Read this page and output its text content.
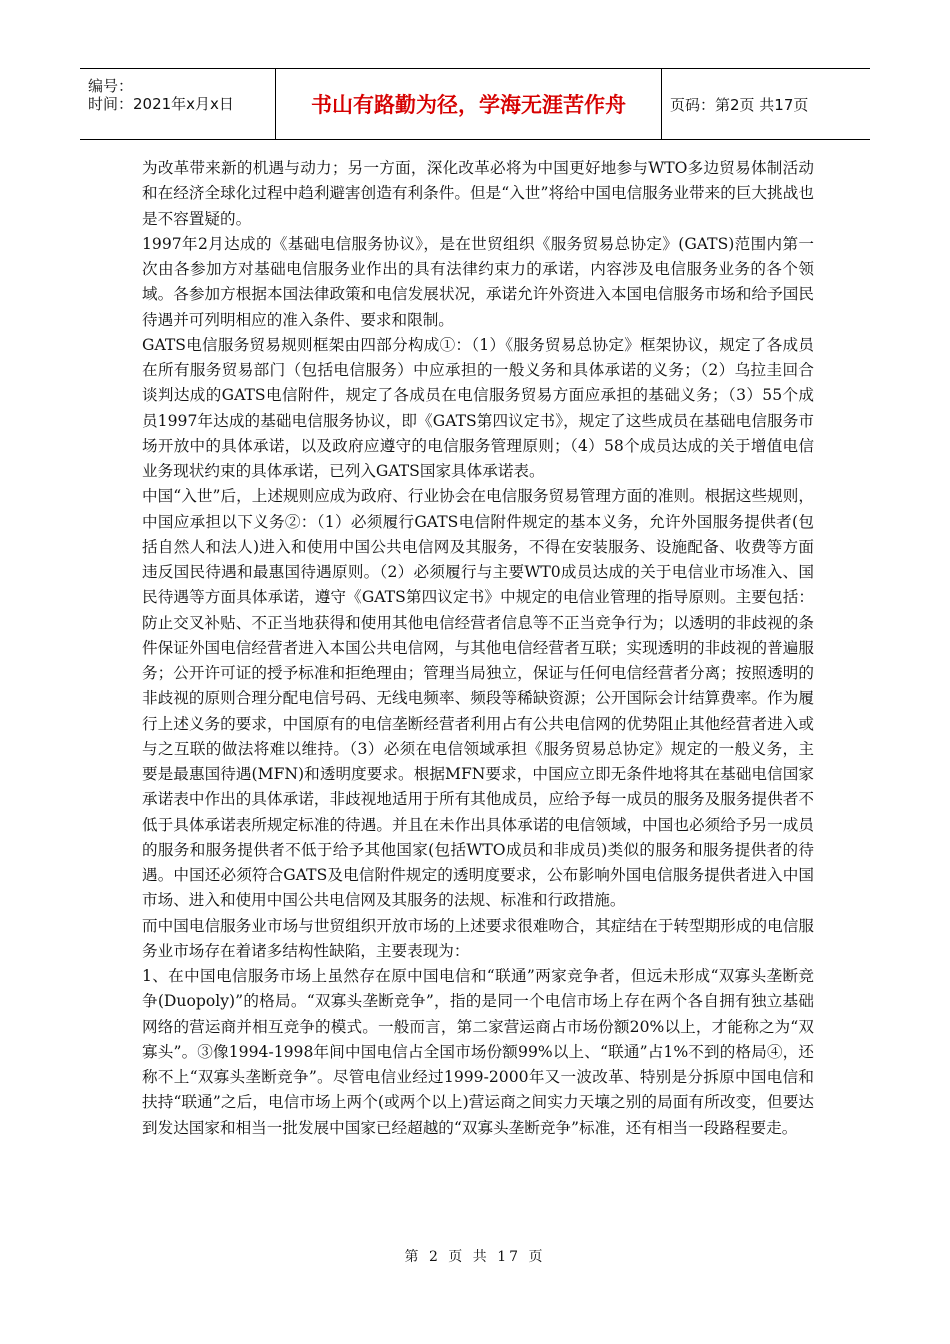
编号：
时间：2021年x月x日	书山有路勤为径，学海无涯苦作舟	页码：第2页 共17页

为改革带来新的机遇与动力；另一方面，深化改革必将为中国更好地参与WTO多边贸易体制活动和在经济全球化过程中趋利避害创造有利条件。但是“入世”将给中国电信服务业带来的巨大挑战也是不容置疑的。

1997年2月达成的《基础电信服务协议》，是在世贸组织《服务贸易总协定》(GATS)范围内第一次由各参加方对基础电信服务业作出的具有法律约束力的承诺，内容涉及电信服务业务的各个领域。各参加方根据本国法律政策和电信发展状况，承诺允许外资进入本国电信服务市场和给予国民待遇并可列明相应的准入条件、要求和限制。

GATS电信服务贸易规则框架由四部分构成①：（1）《服务贸易总协定》框架协议，规定了各成员在所有服务贸易部门（包括电信服务）中应承担的一般义务和具体承诺的义务；（2）乌拉圭回合谈判达成的GATS电信附件，规定了各成员在电信服务贸易方面应承担的基础义务；（3）55个成员1997年达成的基础电信服务协议，即《GATS第四议定书》，规定了这些成员在基础电信服务市场开放中的具体承诺，以及政府应遵守的电信服务管理原则；（4）58个成员达成的关于增值电信业务现状约束的具体承诺，已列入GATS国家具体承诺表。

中国“入世”后，上述规则应成为政府、行业协会在电信服务贸易管理方面的准则。根据这些规则，中国应承担以下义务②：（1）必须履行GATS电信附件规定的基本义务，允许外国服务提供者(包括自然人和法人)进入和使用中国公共电信网及其服务，不得在安装服务、设施配备、收费等方面违反国民待遇和最惠国待遇原则。（2）必须履行与主要WT0成员达成的关于电信业市场准入、国民待遇等方面具体承诺，遵守《GATS第四议定书》中规定的电信业管理的指导原则。主要包括：防止交叉补贴、不正当地获得和使用其他电信经营者信息等不正当竞争行为；以透明的非歧视的条件保证外国电信经营者进入本国公共电信网，与其他电信经营者互联；实现透明的非歧视的普遍服务；公开许可证的授予标准和拒绝理由；管理当局独立，保证与任何电信经营者分离；按照透明的非歧视的原则合理分配电信号码、无线电频率、频段等稀缺资源；公开国际会计结算费率。作为履行上述义务的要求，中国原有的电信垄断经营者利用占有公共电信网的优势阻止其他经营者进入或与之互联的做法将难以维持。（3）必须在电信领域承担《服务贸易总协定》规定的一般义务，主要是最惠国待遇(MFN)和透明度要求。根据MFN要求，中国应立即无条件地将其在基础电信国家承诺表中作出的具体承诺，非歧视地适用于所有其他成员，应给予每一成员的服务及服务提供者不低于具体承诺表所规定标准的待遇。并且在未作出具体承诺的电信领域，中国也必须给予另一成员的服务和服务提供者不低于给予其他国家(包括WTO成员和非成员)类似的服务和服务提供者的待遇。中国还必须符合GATS及电信附件规定的透明度要求，公布影响外国电信服务提供者进入中国市场、进入和使用中国公共电信网及其服务的法规、标准和行政措施。

而中国电信服务业市场与世贸组织开放市场的上述要求很难吻合，其症结在于转型期形成的电信服务业市场存在着诸多结构性缺陷，主要表现为：

1、在中国电信服务市场上虽然存在原中国电信和“联通”两家竞争者，但远未形成“双寡头垄断竞争(Duopoly)”的格局。“双寡头垄断竞争”，指的是同一个电信市场上存在两个各自拥有独立基础网络的营运商并相互竞争的模式。一般而言，第二家营运商占市场份额20%以上，才能称之为“双寡头”。③像1994-1998年间中国电信占全国市场份额99%以上、“联通”占1%不到的格局④，还称不上“双寡头垄断竞争”。尽管电信业经过1999-2000年又一波改革、特别是分拆原中国电信和扶持“联通”之后，电信市场上两个(或两个以上)营运商之间实力天壤之别的局面有所改变，但要达到发达国家和相当一批发展中国家已经超越的“双寡头垄断竞争”标准，还有相当一段路程要走。

第 2 页 共 17 页
